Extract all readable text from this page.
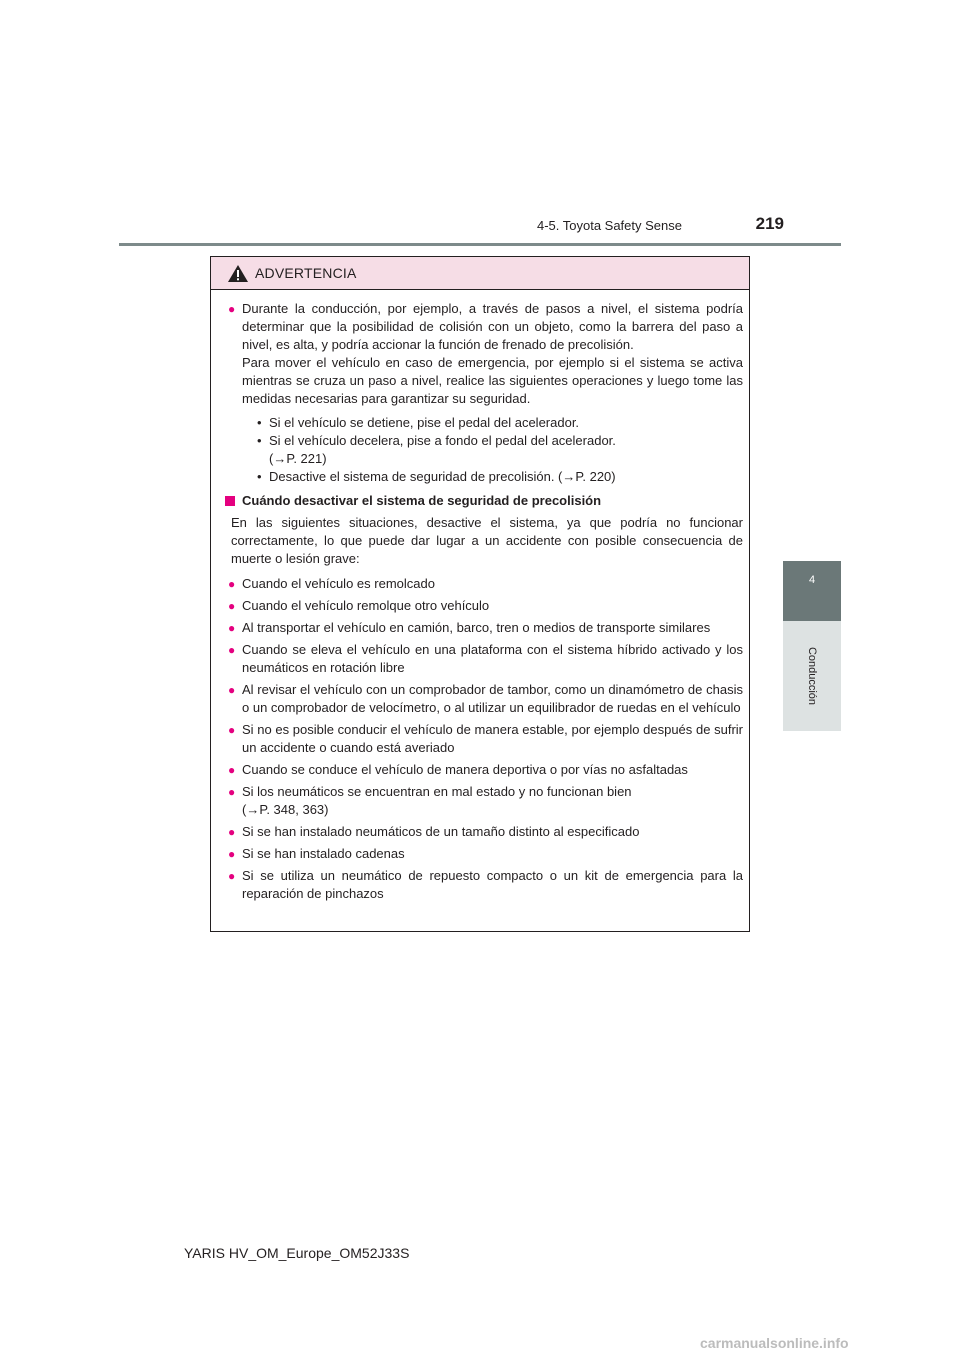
4-5. Toyota Safety Sense	219
4
Conducción
ADVERTENCIA
● Durante la conducción, por ejemplo, a través de pasos a nivel, el sistema podría determinar que la posibilidad de colisión con un objeto, como la barrera del paso a nivel, es alta, y podría accionar la función de frenado de precolisión.
Para mover el vehículo en caso de emergencia, por ejemplo si el sistema se activa mientras se cruza un paso a nivel, realice las siguientes operaciones y luego tome las medidas necesarias para garantizar su seguridad.
• Si el vehículo se detiene, pise el pedal del acelerador.
• Si el vehículo decelera, pise a fondo el pedal del acelerador.
(→P. 221)
• Desactive el sistema de seguridad de precolisión. (→P. 220)
Cuándo desactivar el sistema de seguridad de precolisión
En las siguientes situaciones, desactive el sistema, ya que podría no funcionar correctamente, lo que puede dar lugar a un accidente con posible consecuencia de muerte o lesión grave:
● Cuando el vehículo es remolcado
● Cuando el vehículo remolque otro vehículo
● Al transportar el vehículo en camión, barco, tren o medios de transporte similares
● Cuando se eleva el vehículo en una plataforma con el sistema híbrido activado y los neumáticos en rotación libre
● Al revisar el vehículo con un comprobador de tambor, como un dinamómetro de chasis o un comprobador de velocímetro, o al utilizar un equilibrador de ruedas en el vehículo
● Si no es posible conducir el vehículo de manera estable, por ejemplo después de sufrir un accidente o cuando está averiado
● Cuando se conduce el vehículo de manera deportiva o por vías no asfaltadas
● Si los neumáticos se encuentran en mal estado y no funcionan bien
(→P. 348, 363)
● Si se han instalado neumáticos de un tamaño distinto al especificado
● Si se han instalado cadenas
● Si se utiliza un neumático de repuesto compacto o un kit de emergencia para la reparación de pinchazos
YARIS HV_OM_Europe_OM52J33S
carmanualsonline.info
